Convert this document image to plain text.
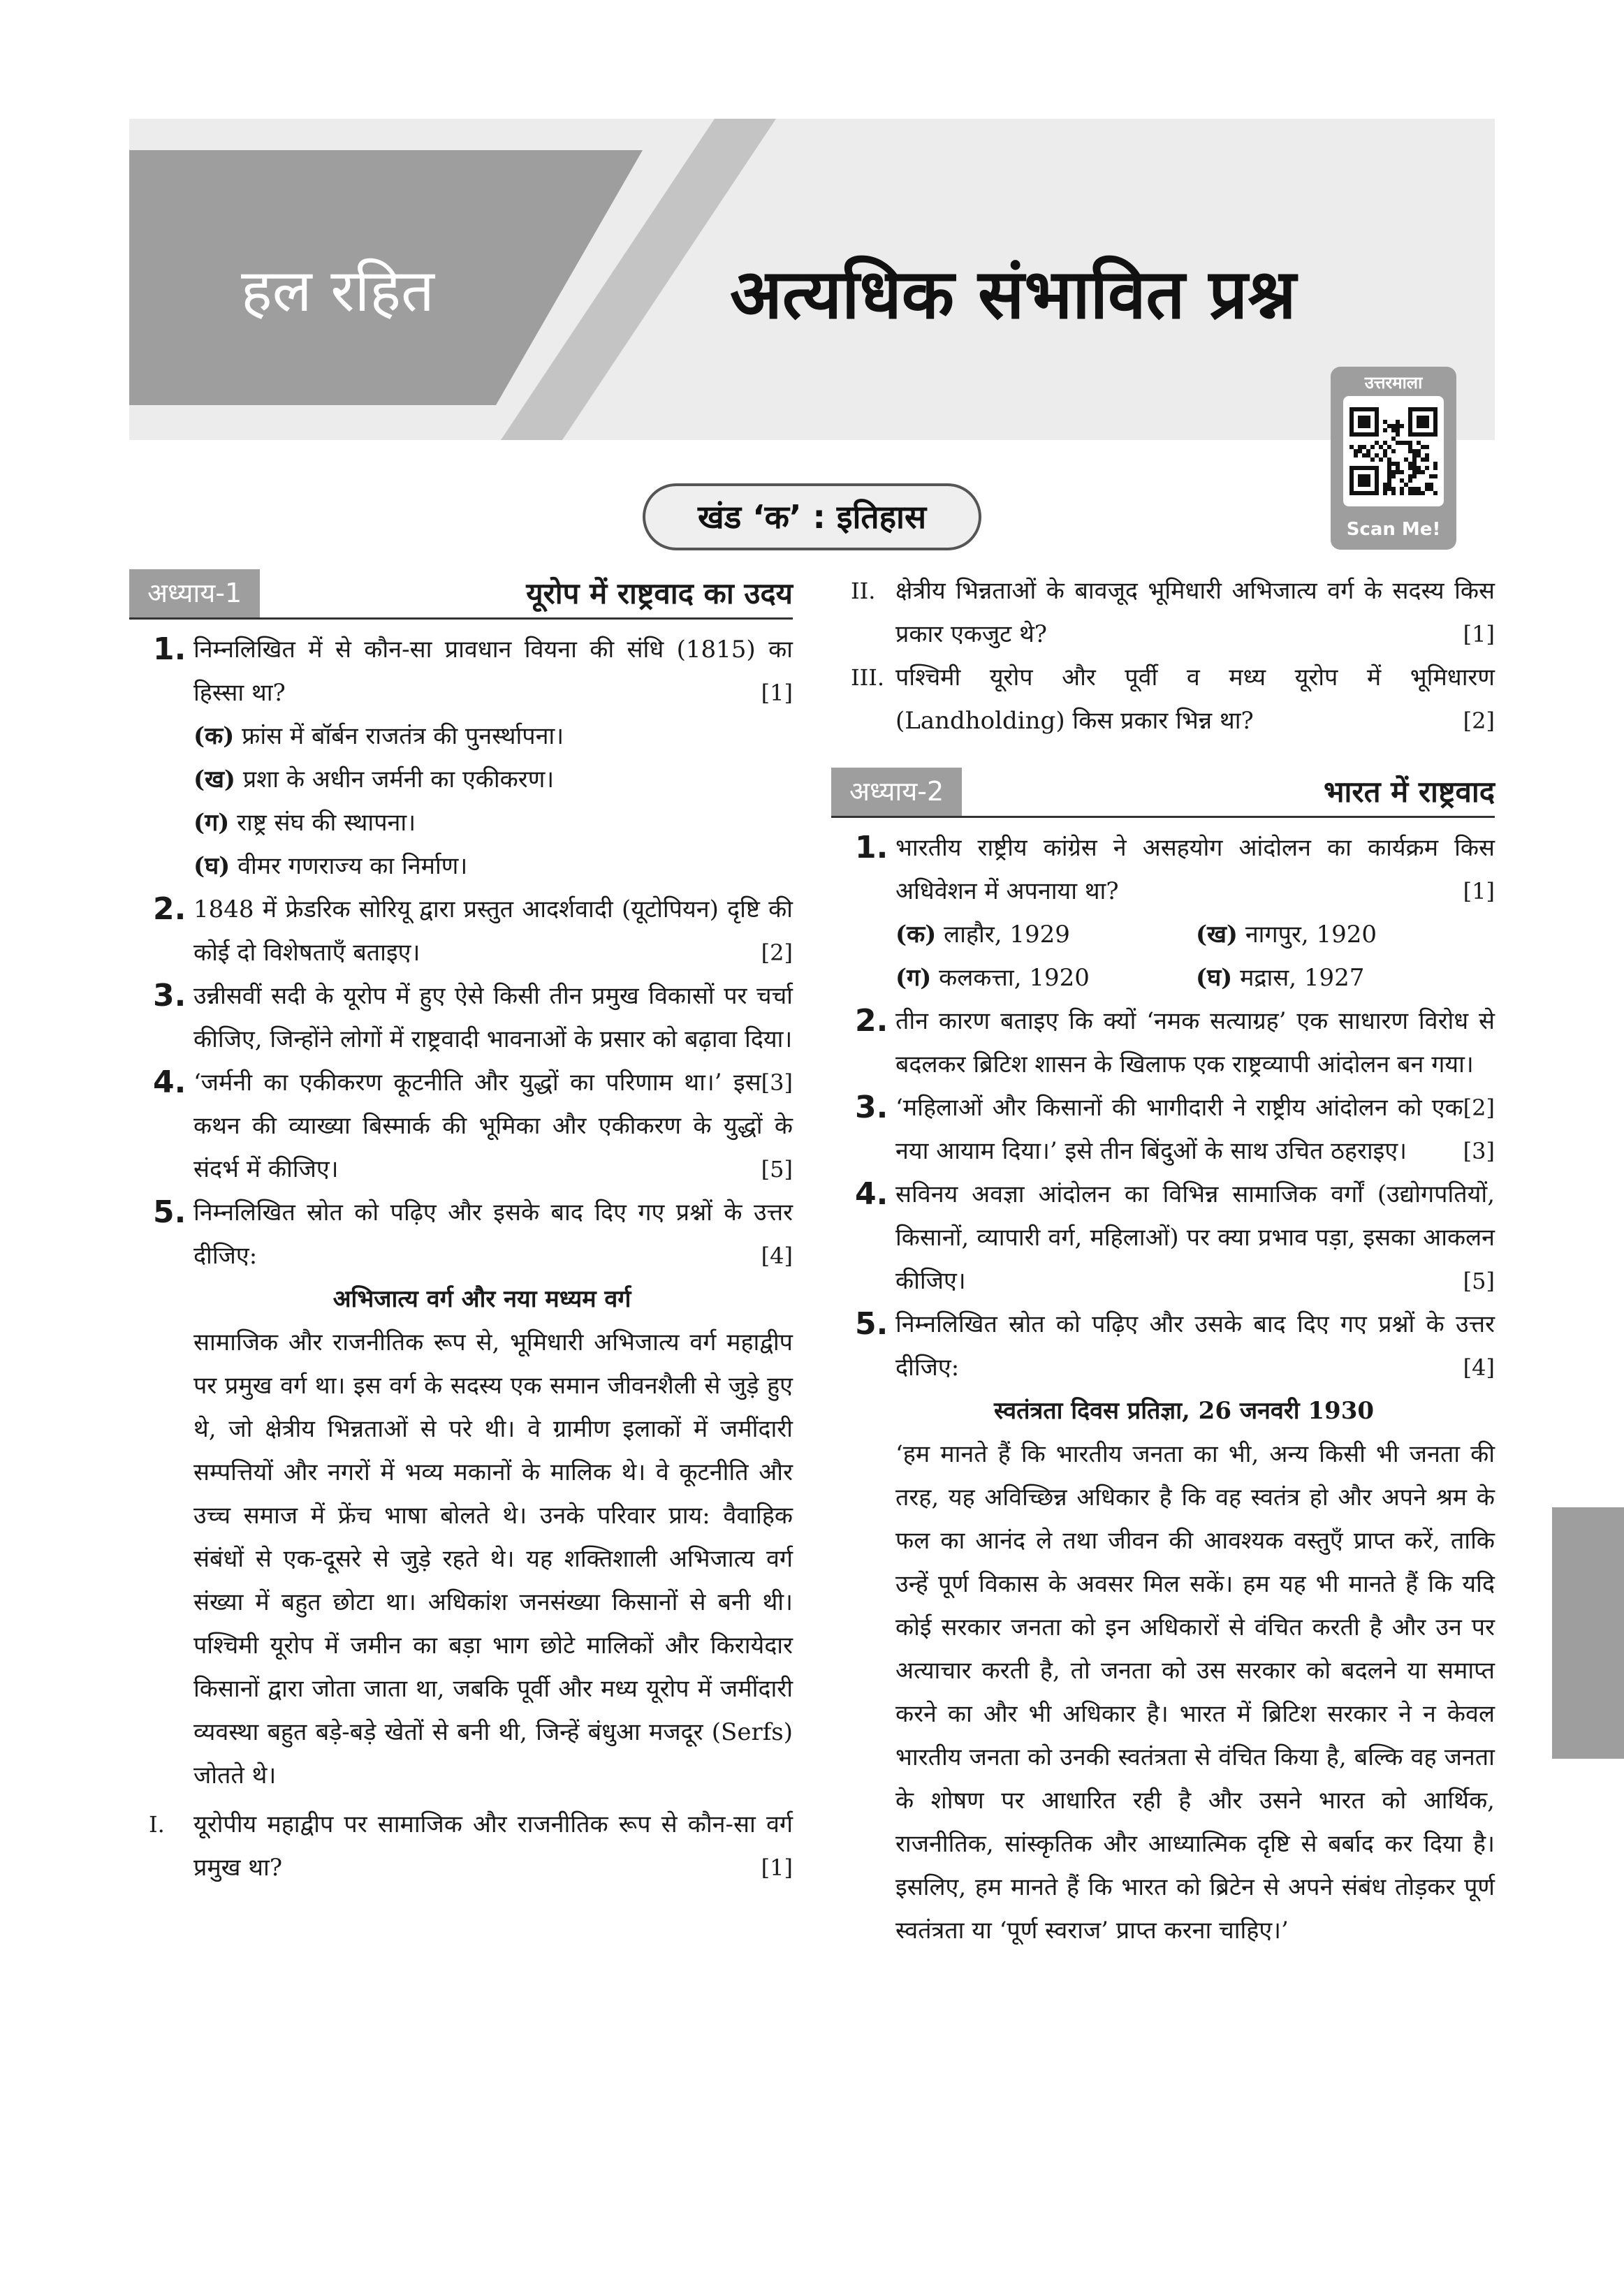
हल रहित	अत्यधिक संभावित प्रश्न
उत्तरमाला
Scan Me!
खंड ‘क’ : इतिहास
अध्याय-1	यूरोप में राष्ट्रवाद का उदय
1. निम्नलिखित में से कौन-सा प्रावधान वियना की संधि (1815) का हिस्सा था?	[1]
(क) फ्रांस में बॉर्बन राजतंत्र की पुनर्स्थापना।
(ख) प्रशा के अधीन जर्मनी का एकीकरण।
(ग) राष्ट्र संघ की स्थापना।
(घ) वीमर गणराज्य का निर्माण।
2. 1848 में फ्रेडरिक सोरियू द्वारा प्रस्तुत आदर्शवादी (यूटोपियन) दृष्टि की कोई दो विशेषताएँ बताइए।	[2]
3. उन्नीसवीं सदी के यूरोप में हुए ऐसे किसी तीन प्रमुख विकासों पर चर्चा कीजिए, जिन्होंने लोगों में राष्ट्रवादी भावनाओं के प्रसार को बढ़ावा दिया।
[3]
4. ‘जर्मनी का एकीकरण कूटनीति और युद्धों का परिणाम था।’ इस कथन की व्याख्या बिस्मार्क की भूमिका और एकीकरण के युद्धों के संदर्भ में कीजिए।	[5]
5. निम्नलिखित स्रोत को पढ़िए और इसके बाद दिए गए प्रश्नों के उत्तर दीजिए:	[4]
अभिजात्य वर्ग और नया मध्यम वर्ग
सामाजिक और राजनीतिक रूप से, भूमिधारी अभिजात्य वर्ग महाद्वीप पर प्रमुख वर्ग था। इस वर्ग के सदस्य एक समान जीवनशैली से जुड़े हुए थे, जो क्षेत्रीय भिन्नताओं से परे थी। वे ग्रामीण इलाकों में जमींदारी सम्पत्तियों और नगरों में भव्य मकानों के मालिक थे। वे कूटनीति और उच्च समाज में फ्रेंच भाषा बोलते थे। उनके परिवार प्राय: वैवाहिक संबंधों से एक-दूसरे से जुड़े रहते थे। यह शक्तिशाली अभिजात्य वर्ग संख्या में बहुत छोटा था। अधिकांश जनसंख्या किसानों से बनी थी। पश्चिमी यूरोप में जमीन का बड़ा भाग छोटे मालिकों और किरायेदार किसानों द्वारा जोता जाता था, जबकि पूर्वी और मध्य यूरोप में जमींदारी व्यवस्था बहुत बड़े-बड़े खेतों से बनी थी, जिन्हें बंधुआ मजदूर (Serfs) जोतते थे।
I. यूरोपीय महाद्वीप पर सामाजिक और राजनीतिक रूप से कौन-सा वर्ग प्रमुख था?	[1]
II. क्षेत्रीय भिन्नताओं के बावजूद भूमिधारी अभिजात्य वर्ग के सदस्य किस प्रकार एकजुट थे?	[1]
III. पश्चिमी यूरोप और पूर्वी व मध्य यूरोप में भूमिधारण (Landholding) किस प्रकार भिन्न था?	[2]
अध्याय-2	भारत में राष्ट्रवाद
1. भारतीय राष्ट्रीय कांग्रेस ने असहयोग आंदोलन का कार्यक्रम किस अधिवेशन में अपनाया था?	[1]
(क) लाहौर, 1929	(ख) नागपुर, 1920
(ग) कलकत्ता, 1920	(घ) मद्रास, 1927
2. तीन कारण बताइए कि क्यों ‘नमक सत्याग्रह’ एक साधारण विरोध से बदलकर ब्रिटिश शासन के खिलाफ एक राष्ट्रव्यापी आंदोलन बन गया।
[2]
3. ‘महिलाओं और किसानों की भागीदारी ने राष्ट्रीय आंदोलन को एक नया आयाम दिया।’ इसे तीन बिंदुओं के साथ उचित ठहराइए।	[3]
4. सविनय अवज्ञा आंदोलन का विभिन्न सामाजिक वर्गों (उद्योगपतियों, किसानों, व्यापारी वर्ग, महिलाओं) पर क्या प्रभाव पड़ा, इसका आकलन कीजिए।	[5]
5. निम्नलिखित स्रोत को पढ़िए और उसके बाद दिए गए प्रश्नों के उत्तर दीजिए:	[4]
स्वतंत्रता दिवस प्रतिज्ञा, 26 जनवरी 1930
‘हम मानते हैं कि भारतीय जनता का भी, अन्य किसी भी जनता की तरह, यह अविच्छिन्न अधिकार है कि वह स्वतंत्र हो और अपने श्रम के फल का आनंद ले तथा जीवन की आवश्यक वस्तुएँ प्राप्त करें, ताकि उन्हें पूर्ण विकास के अवसर मिल सकें। हम यह भी मानते हैं कि यदि कोई सरकार जनता को इन अधिकारों से वंचित करती है और उन पर अत्याचार करती है, तो जनता को उस सरकार को बदलने या समाप्त करने का और भी अधिकार है। भारत में ब्रिटिश सरकार ने न केवल भारतीय जनता को उनकी स्वतंत्रता से वंचित किया है, बल्कि वह जनता के शोषण पर आधारित रही है और उसने भारत को आर्थिक, राजनीतिक, सांस्कृतिक और आध्यात्मिक दृष्टि से बर्बाद कर दिया है। इसलिए, हम मानते हैं कि भारत को ब्रिटेन से अपने संबंध तोड़कर पूर्ण स्वतंत्रता या ‘पूर्ण स्वराज’ प्राप्त करना चाहिए।’
